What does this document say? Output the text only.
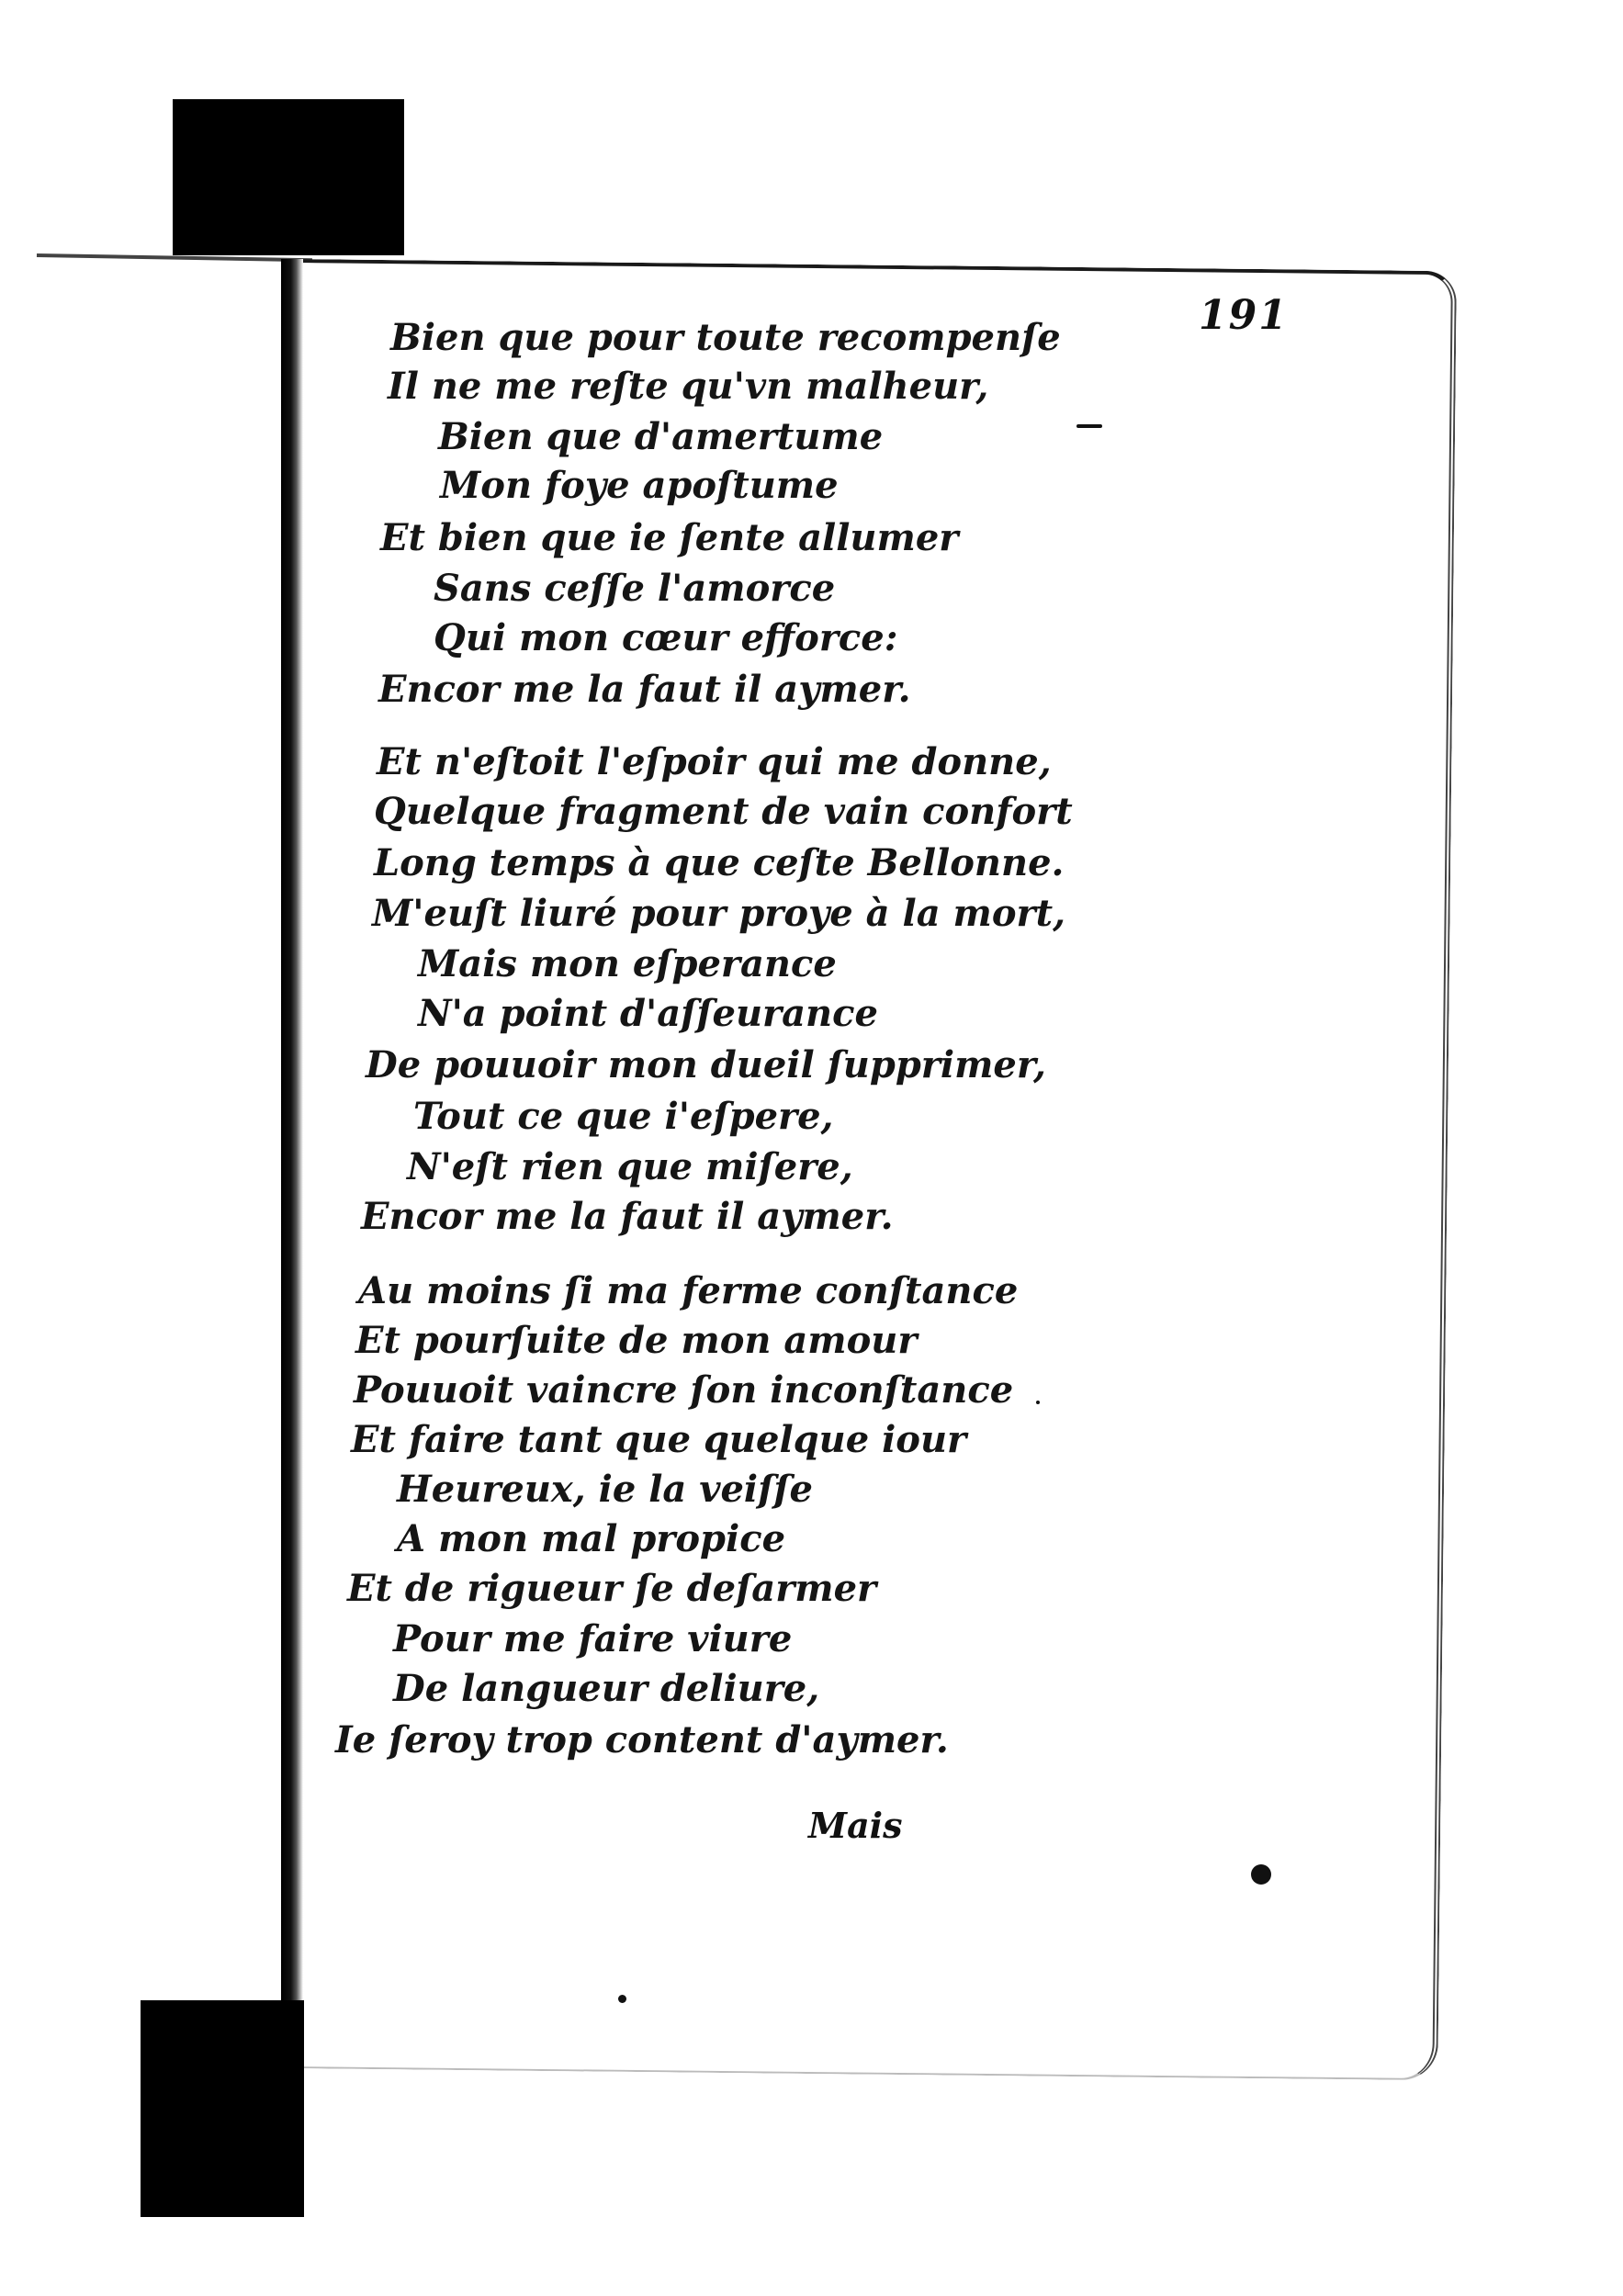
191
Bien que pour toute recompenſe
Il ne me reſte qu'vn malheur,
Bien que d'amertume
Mon foye apoſtume
Et bien que ie ſente allumer
Sans ceſſe l'amorce
Qui mon cœur efforce:
Encor me la faut il aymer.
Et n'eſtoit l'eſpoir qui me donne,
Quelque fragment de vain confort
Long temps à que ceſte Bellonne.
M'euſt liuré pour proye à la mort,
Mais mon eſperance
N'a point d'aſſeurance
De pouuoir mon dueil ſupprimer,
Tout ce que i'eſpere,
N'eſt rien que miſere,
Encor me la faut il aymer.
Au moins ſi ma ferme conſtance
Et pourſuite de mon amour
Pouuoit vaincre ſon inconſtance
Et faire tant que quelque iour
Heureux, ie la veiſſe
A mon mal propice
Et de rigueur ſe deſarmer
Pour me faire viure
De langueur deliure,
Ie ſeroy trop content d'aymer.
Mais
